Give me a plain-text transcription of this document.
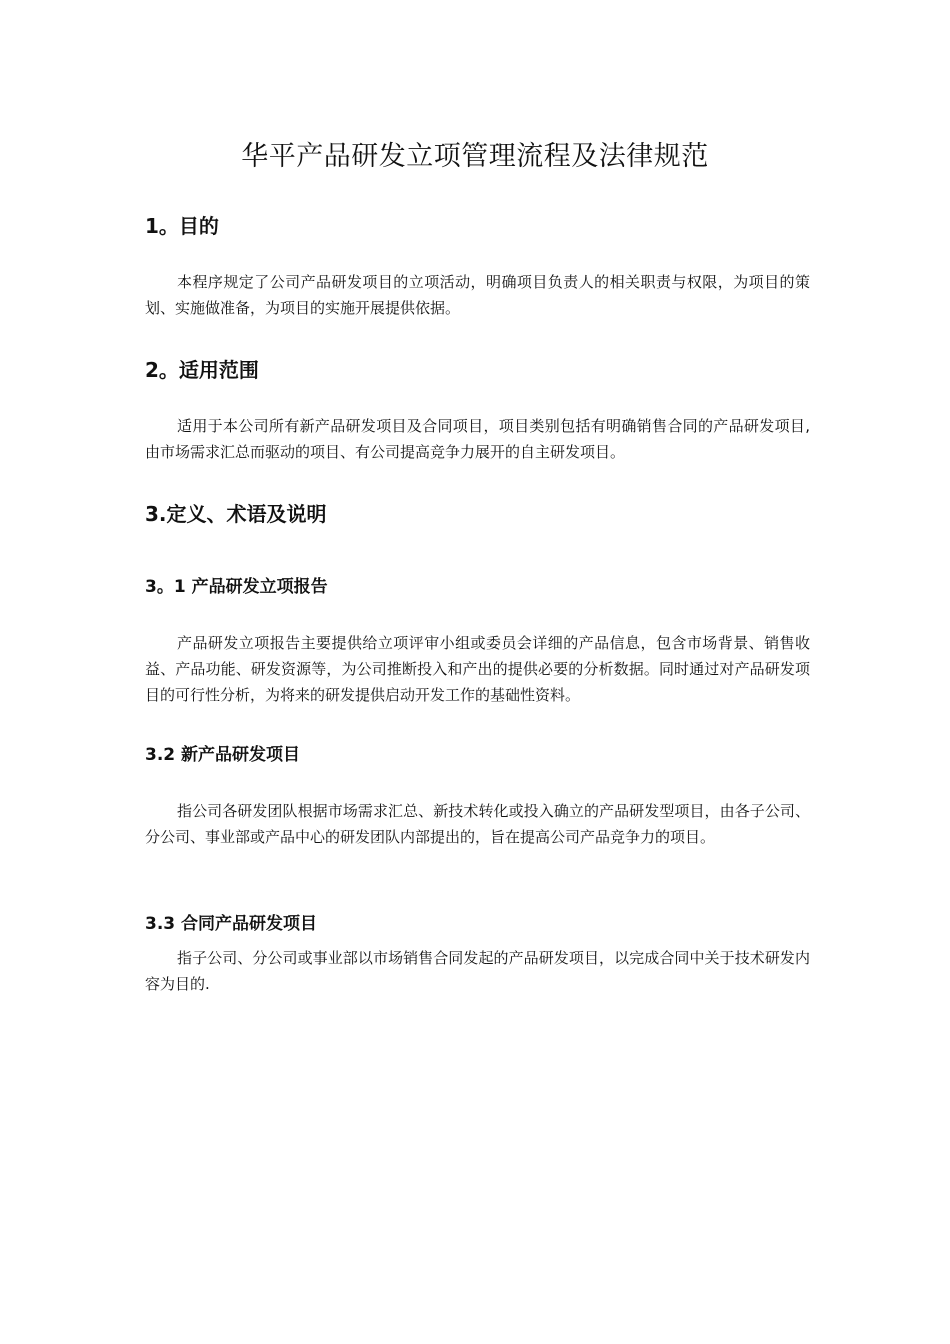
华平产品研发立项管理流程及法律规范
1。目的

本程序规定了公司产品研发项目的立项活动，明确项目负责人的相关职责与权限，为项目的策划、实施做准备，为项目的实施开展提供依据。

2。适用范围

适用于本公司所有新产品研发项目及合同项目，项目类别包括有明确销售合同的产品研发项目,由市场需求汇总而驱动的项目、有公司提高竞争力展开的自主研发项目。

3.定义、术语及说明
3。1 产品研发立项报告

产品研发立项报告主要提供给立项评审小组或委员会详细的产品信息，包含市场背景、销售收益、产品功能、研发资源等，为公司推断投入和产出的提供必要的分析数据。同时通过对产品研发项目的可行性分析，为将来的研发提供启动开发工作的基础性资料。

3.2 新产品研发项目

指公司各研发团队根据市场需求汇总、新技术转化或投入确立的产品研发型项目，由各子公司、分公司、事业部或产品中心的研发团队内部提出的，旨在提高公司产品竞争力的项目。

3.3 合同产品研发项目

指子公司、分公司或事业部以市场销售合同发起的产品研发项目，以完成合同中关于技术研发内容为目的.
